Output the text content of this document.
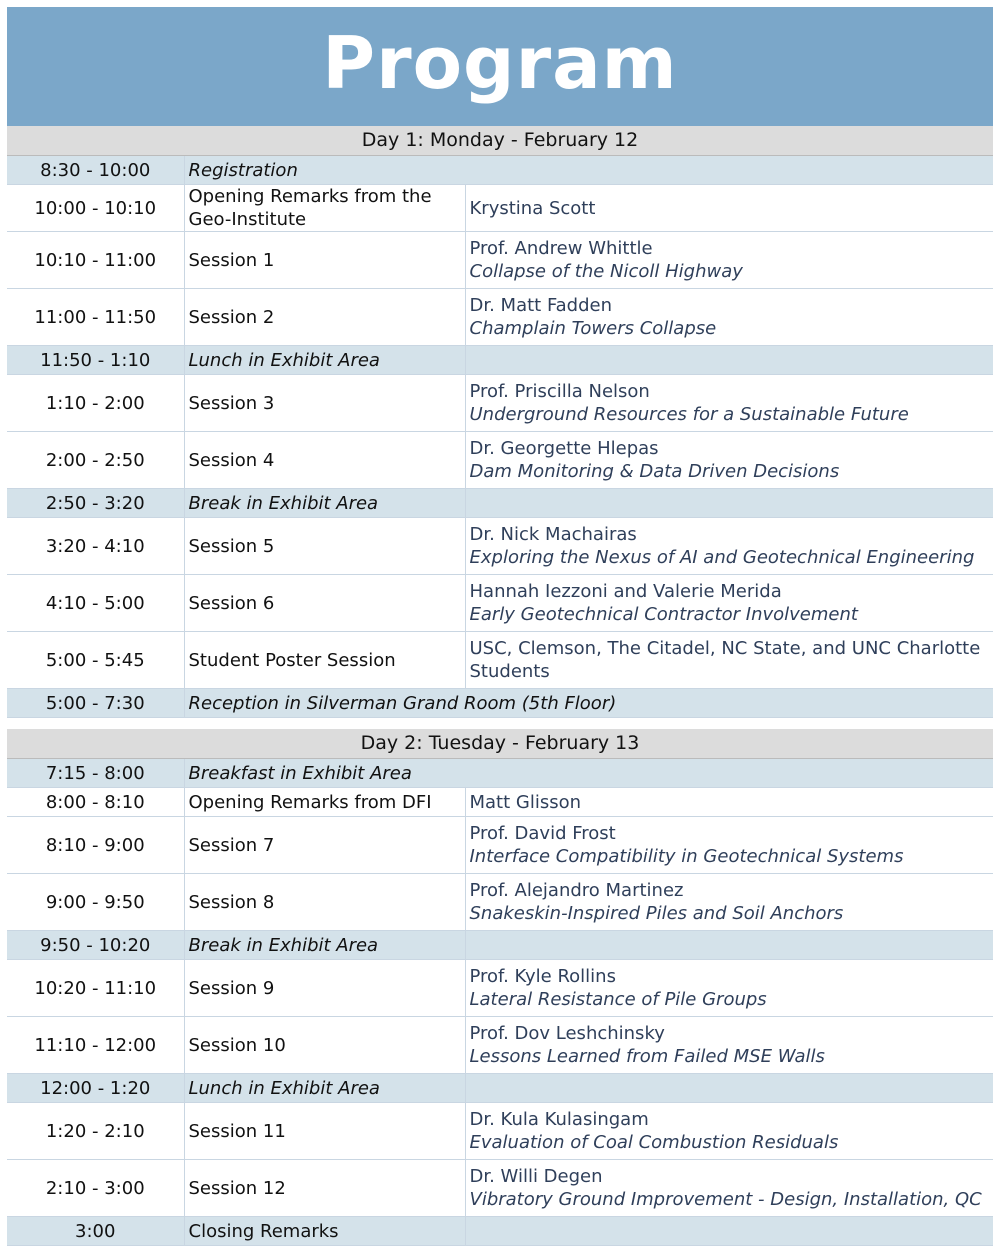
Program
Day 1: Monday - February 12		
8:30 - 10:00	Registration	
10:00 - 10:10	Opening Remarks from the Geo-Institute	Krystina Scott

10:10 - 11:00	Session 1	Prof. Andrew Whittle
Collapse of the Nicoll Highway

11:00 - 11:50	Session 2	Dr. Matt Fadden
Champlain Towers Collapse

11:50 - 1:10	Lunch in Exhibit Area	
1:10 - 2:00	Session 3	Prof. Priscilla Nelson
Underground Resources for a Sustainable Future

2:00 - 2:50	Session 4	Dr. Georgette Hlepas
Dam Monitoring & Data Driven Decisions

2:50 - 3:20	Break in Exhibit Area	
3:20 - 4:10	Session 5	Dr. Nick Machairas
Exploring the Nexus of AI and Geotechnical Engineering

4:10 - 5:00	Session 6	Hannah Iezzoni and Valerie Merida
Early Geotechnical Contractor Involvement

5:00 - 5:45	Student Poster Session	USC, Clemson, The Citadel, NC State, and UNC Charlotte Students

5:00 - 7:30	Reception in Silverman Grand Room (5th Floor)	
Day 2: Tuesday - February 13		
7:15 - 8:00	Breakfast in Exhibit Area	
8:00 - 8:10	Opening Remarks from DFI	Matt Glisson

8:10 - 9:00	Session 7	Prof. David Frost
Interface Compatibility in Geotechnical Systems

9:00 - 9:50	Session 8	Prof. Alejandro Martinez
Snakeskin-Inspired Piles and Soil Anchors

9:50 - 10:20	Break in Exhibit Area	
10:20 - 11:10	Session 9	Prof. Kyle Rollins
Lateral Resistance of Pile Groups

11:10 - 12:00	Session 10	Prof. Dov Leshchinsky
Lessons Learned from Failed MSE Walls

12:00 - 1:20	Lunch in Exhibit Area	
1:20 - 2:10	Session 11	Dr. Kula Kulasingam
Evaluation of Coal Combustion Residuals

2:10 - 3:00	Session 12	Dr. Willi Degen
Vibratory Ground Improvement - Design, Installation, QC

3:00	Closing Remarks	
